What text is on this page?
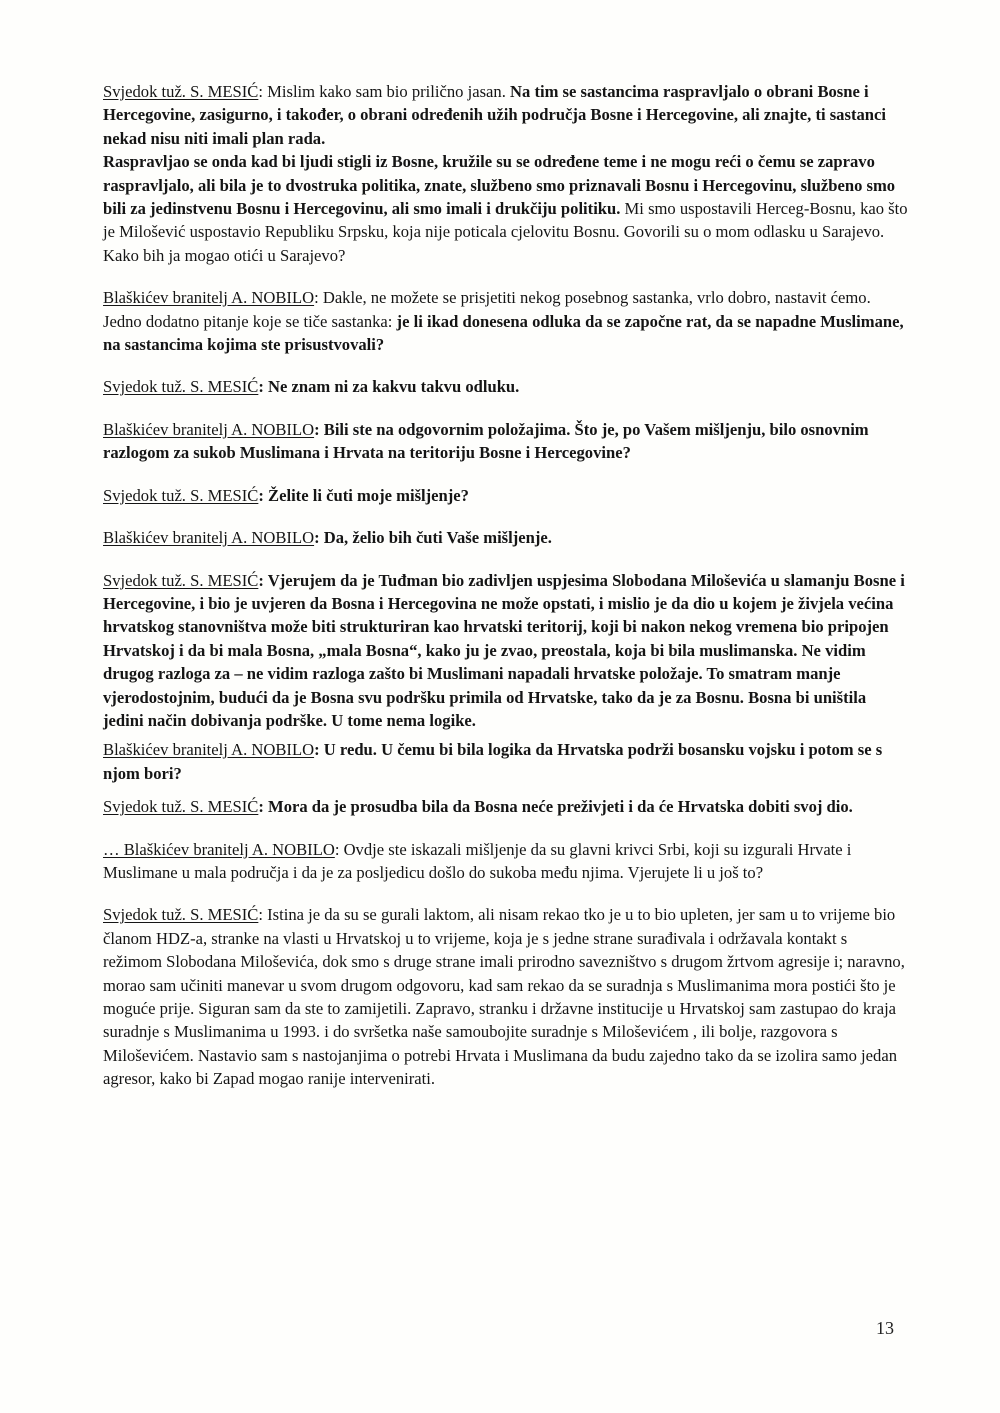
Svjedok tuž. S. MESIĆ: Mislim kako sam bio prilično jasan. Na tim se sastancima raspravljalo o obrani Bosne i Hercegovine, zasigurno, i također, o obrani određenih užih područja Bosne i Hercegovine, ali znajte, ti sastanci nekad nisu niti imali plan rada.
Raspravljao se onda kad bi ljudi stigli iz Bosne, kružile su se određene teme i ne mogu reći o čemu se zapravo raspravljalo, ali bila je to dvostruka politika, znate, službeno smo priznavali Bosnu i Hercegovinu, službeno smo bili za jedinstvenu Bosnu i Hercegovinu, ali smo imali i drukčiju politiku. Mi smo uspostavili Herceg-Bosnu, kao što je Milošević uspostavio Republiku Srpsku, koja nije poticala cjelovitu Bosnu. Govorili su o mom odlasku u Sarajevo. Kako bih ja mogao otići u Sarajevo?
Blaškićev branitelj A. NOBILO: Dakle, ne možete se prisjetiti nekog posebnog sastanka, vrlo dobro, nastavit ćemo. Jedno dodatno pitanje koje se tiče sastanka: je li ikad donesena odluka da se započne rat, da se napadne Muslimane, na sastancima kojima ste prisustvovali?
Svjedok tuž. S. MESIĆ: Ne znam ni za kakvu takvu odluku.
Blaškićev branitelj A. NOBILO: Bili ste na odgovornim položajima. Što je, po Vašem mišljenju, bilo osnovnim razlogom za sukob Muslimana i Hrvata na teritoriju Bosne i Hercegovine?
Svjedok tuž. S. MESIĆ: Želite li čuti moje mišljenje?
Blaškićev branitelj A. NOBILO: Da, želio bih čuti Vaše mišljenje.
Svjedok tuž. S. MESIĆ: Vjerujem da je Tuđman bio zadivljen uspjesima Slobodana Miloševića u slamanju Bosne i Hercegovine, i bio je uvjeren da Bosna i Hercegovina ne može opstati, i mislio je da dio u kojem je živjela većina hrvatskog stanovništva može biti strukturiran kao hrvatski teritorij, koji bi nakon nekog vremena bio pripojen Hrvatskoj i da bi mala Bosna, „mala Bosna“, kako ju je zvao, preostala, koja bi bila muslimanska. Ne vidim drugog razloga za – ne vidim razloga zašto bi Muslimani napadali hrvatske položaje. To smatram manje vjerodostojnim, budući da je Bosna svu podršku primila od Hrvatske, tako da je za Bosnu. Bosna bi uništila jedini način dobivanja podrške. U tome nema logike.
Blaškićev branitelj A. NOBILO: U redu. U čemu bi bila logika da Hrvatska podrži bosansku vojsku i potom se s njom bori?
Svjedok tuž. S. MESIĆ: Mora da je prosudba bila da Bosna neće preživjeti i da će Hrvatska dobiti svoj dio.
… Blaškićev branitelj A. NOBILO: Ovdje ste iskazali mišljenje da su glavni krivci Srbi, koji su izgurali Hrvate i Muslimane u mala područja i da je za posljedicu došlo do sukoba među njima. Vjerujete li u još to?
Svjedok tuž. S. MESIĆ: Istina je da su se gurali laktom, ali nisam rekao tko je u to bio upleten, jer sam u to vrijeme bio članom HDZ-a, stranke na vlasti u Hrvatskoj u to vrijeme, koja je s jedne strane surađivala i održavala kontakt s režimom Slobodana Miloševića, dok smo s druge strane imali prirodno savezništvo s drugom žrtvom agresije i; naravno, morao sam učiniti manevar u svom drugom odgovoru, kad sam rekao da se suradnja s Muslimanima mora postići što je moguće prije. Siguran sam da ste to zamijetili. Zapravo, stranku i državne institucije u Hrvatskoj sam zastupao do kraja suradnje s Muslimanima u 1993. i do svršetka naše samoubojite suradnje s Miloševićem , ili bolje, razgovora s Miloševićem. Nastavio sam s nastojanjima o potrebi Hrvata i Muslimana da budu zajedno tako da se izolira samo jedan agresor, kako bi Zapad mogao ranije intervenirati.
13
